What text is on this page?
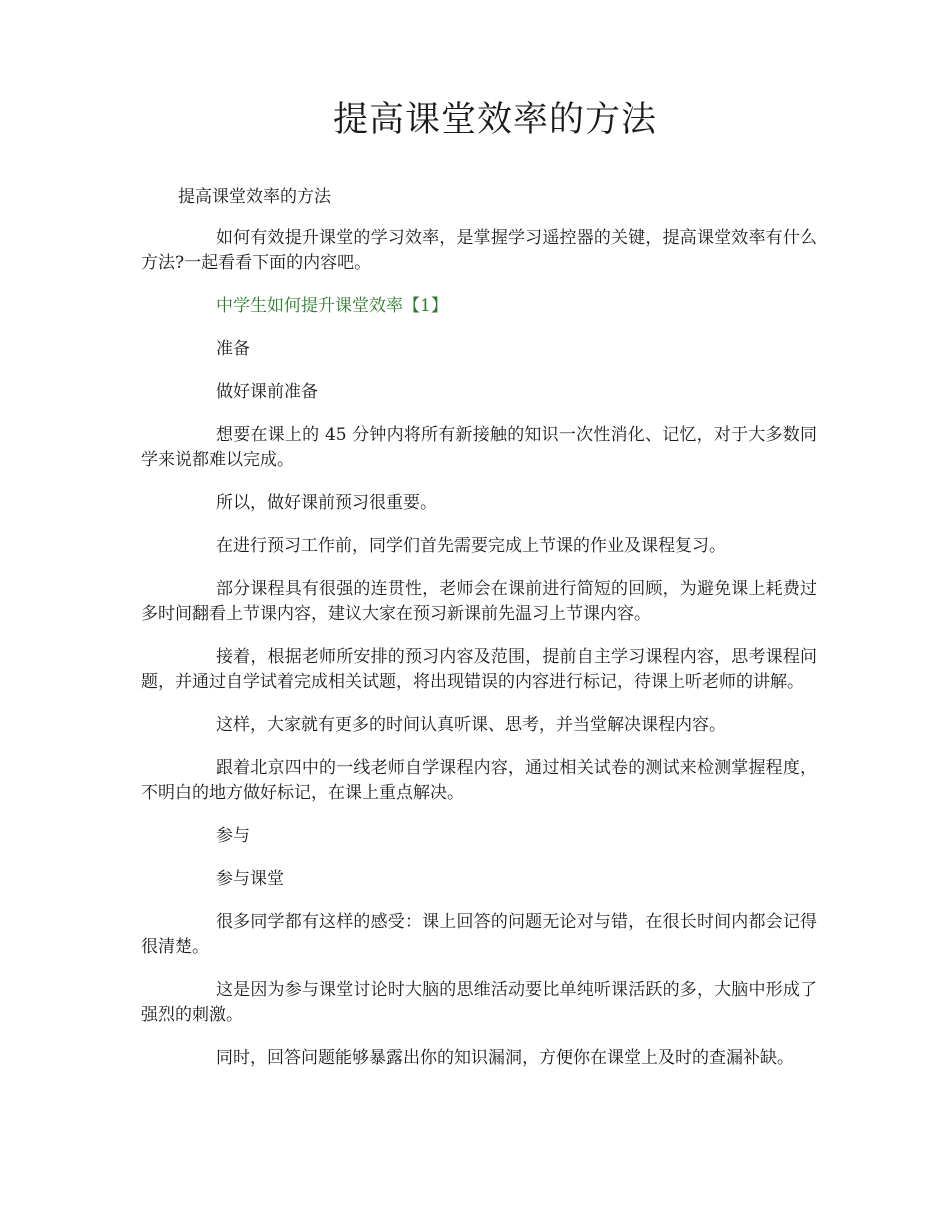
提高课堂效率的方法
提高课堂效率的方法

如何有效提升课堂的学习效率，是掌握学习遥控器的关键，提高课堂效率有什么方法?一起看看下面的内容吧。

中学生如何提升课堂效率【1】

准备

做好课前准备

想要在课上的 45 分钟内将所有新接触的知识一次性消化、记忆，对于大多数同学来说都难以完成。

所以，做好课前预习很重要。

在进行预习工作前，同学们首先需要完成上节课的作业及课程复习。

部分课程具有很强的连贯性，老师会在课前进行简短的回顾，为避免课上耗费过多时间翻看上节课内容，建议大家在预习新课前先温习上节课内容。

接着，根据老师所安排的预习内容及范围，提前自主学习课程内容，思考课程问题，并通过自学试着完成相关试题，将出现错误的内容进行标记，待课上听老师的讲解。

这样，大家就有更多的时间认真听课、思考，并当堂解决课程内容。

跟着北京四中的一线老师自学课程内容，通过相关试卷的测试来检测掌握程度，不明白的地方做好标记，在课上重点解决。

参与

参与课堂

很多同学都有这样的感受：课上回答的问题无论对与错，在很长时间内都会记得很清楚。

这是因为参与课堂讨论时大脑的思维活动要比单纯听课活跃的多，大脑中形成了强烈的刺激。

同时，回答问题能够暴露出你的知识漏洞，方便你在课堂上及时的查漏补缺。
